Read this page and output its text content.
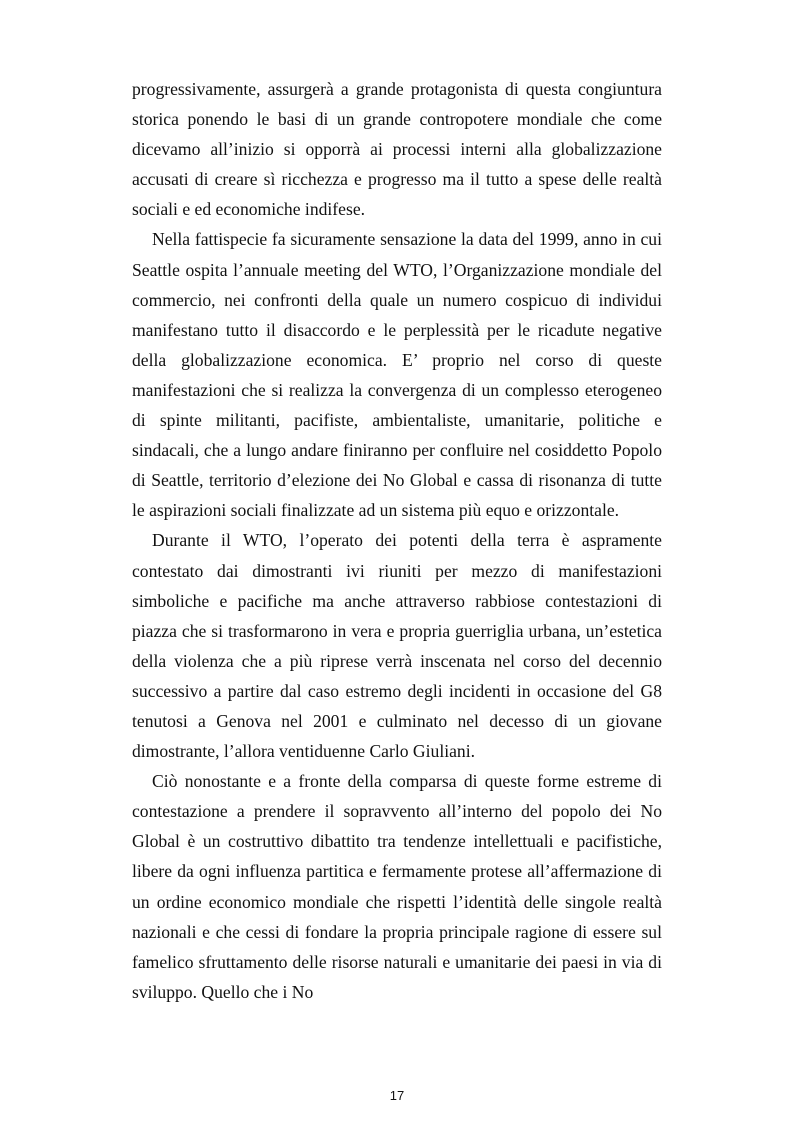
progressivamente, assurgerà a grande protagonista di questa congiuntura storica ponendo le basi di un grande contropotere mondiale che come dicevamo all’inizio si opporrà ai processi interni alla globalizzazione accusati di creare sì ricchezza e progresso ma il tutto a spese delle realtà sociali e ed economiche indifese.

Nella fattispecie fa sicuramente sensazione la data del 1999, anno in cui Seattle ospita l’annuale meeting del WTO, l’Organizzazione mondiale del commercio, nei confronti della quale un numero cospicuo di individui manifestano tutto il disaccordo e le perplessità per le ricadute negative della globalizzazione economica. E’ proprio nel corso di queste manifestazioni che si realizza la convergenza di un complesso eterogeneo di spinte militanti, pacifiste, ambientaliste, umanitarie, politiche e sindacali, che a lungo andare finiranno per confluire nel cosiddetto Popolo di Seattle, territorio d’elezione dei No Global e cassa di risonanza di tutte le aspirazioni sociali finalizzate ad un sistema più equo e orizzontale.

Durante il WTO, l’operato dei potenti della terra è aspramente contestato dai dimostranti ivi riuniti per mezzo di manifestazioni simboliche e pacifiche ma anche attraverso rabbiose contestazioni di piazza che si trasformarono in vera e propria guerriglia urbana, un’estetica della violenza che a più riprese verrà inscenata nel corso del decennio successivo a partire dal caso estremo degli incidenti in occasione del G8 tenutosi a Genova nel 2001 e culminato nel decesso di un giovane dimostrante, l’allora ventiduenne Carlo Giuliani.

Ciò nonostante e a fronte della comparsa di queste forme estreme di contestazione a prendere il sopravvento all’interno del popolo dei No Global è un costruttivo dibattito tra tendenze intellettuali e pacifistiche, libere da ogni influenza partitica e fermamente protese all’affermazione di un ordine economico mondiale che rispetti l’identità delle singole realtà nazionali e che cessi di fondare la propria principale ragione di essere sul famelico sfruttamento delle risorse naturali e umanitarie dei paesi in via di sviluppo. Quello che i No

17
